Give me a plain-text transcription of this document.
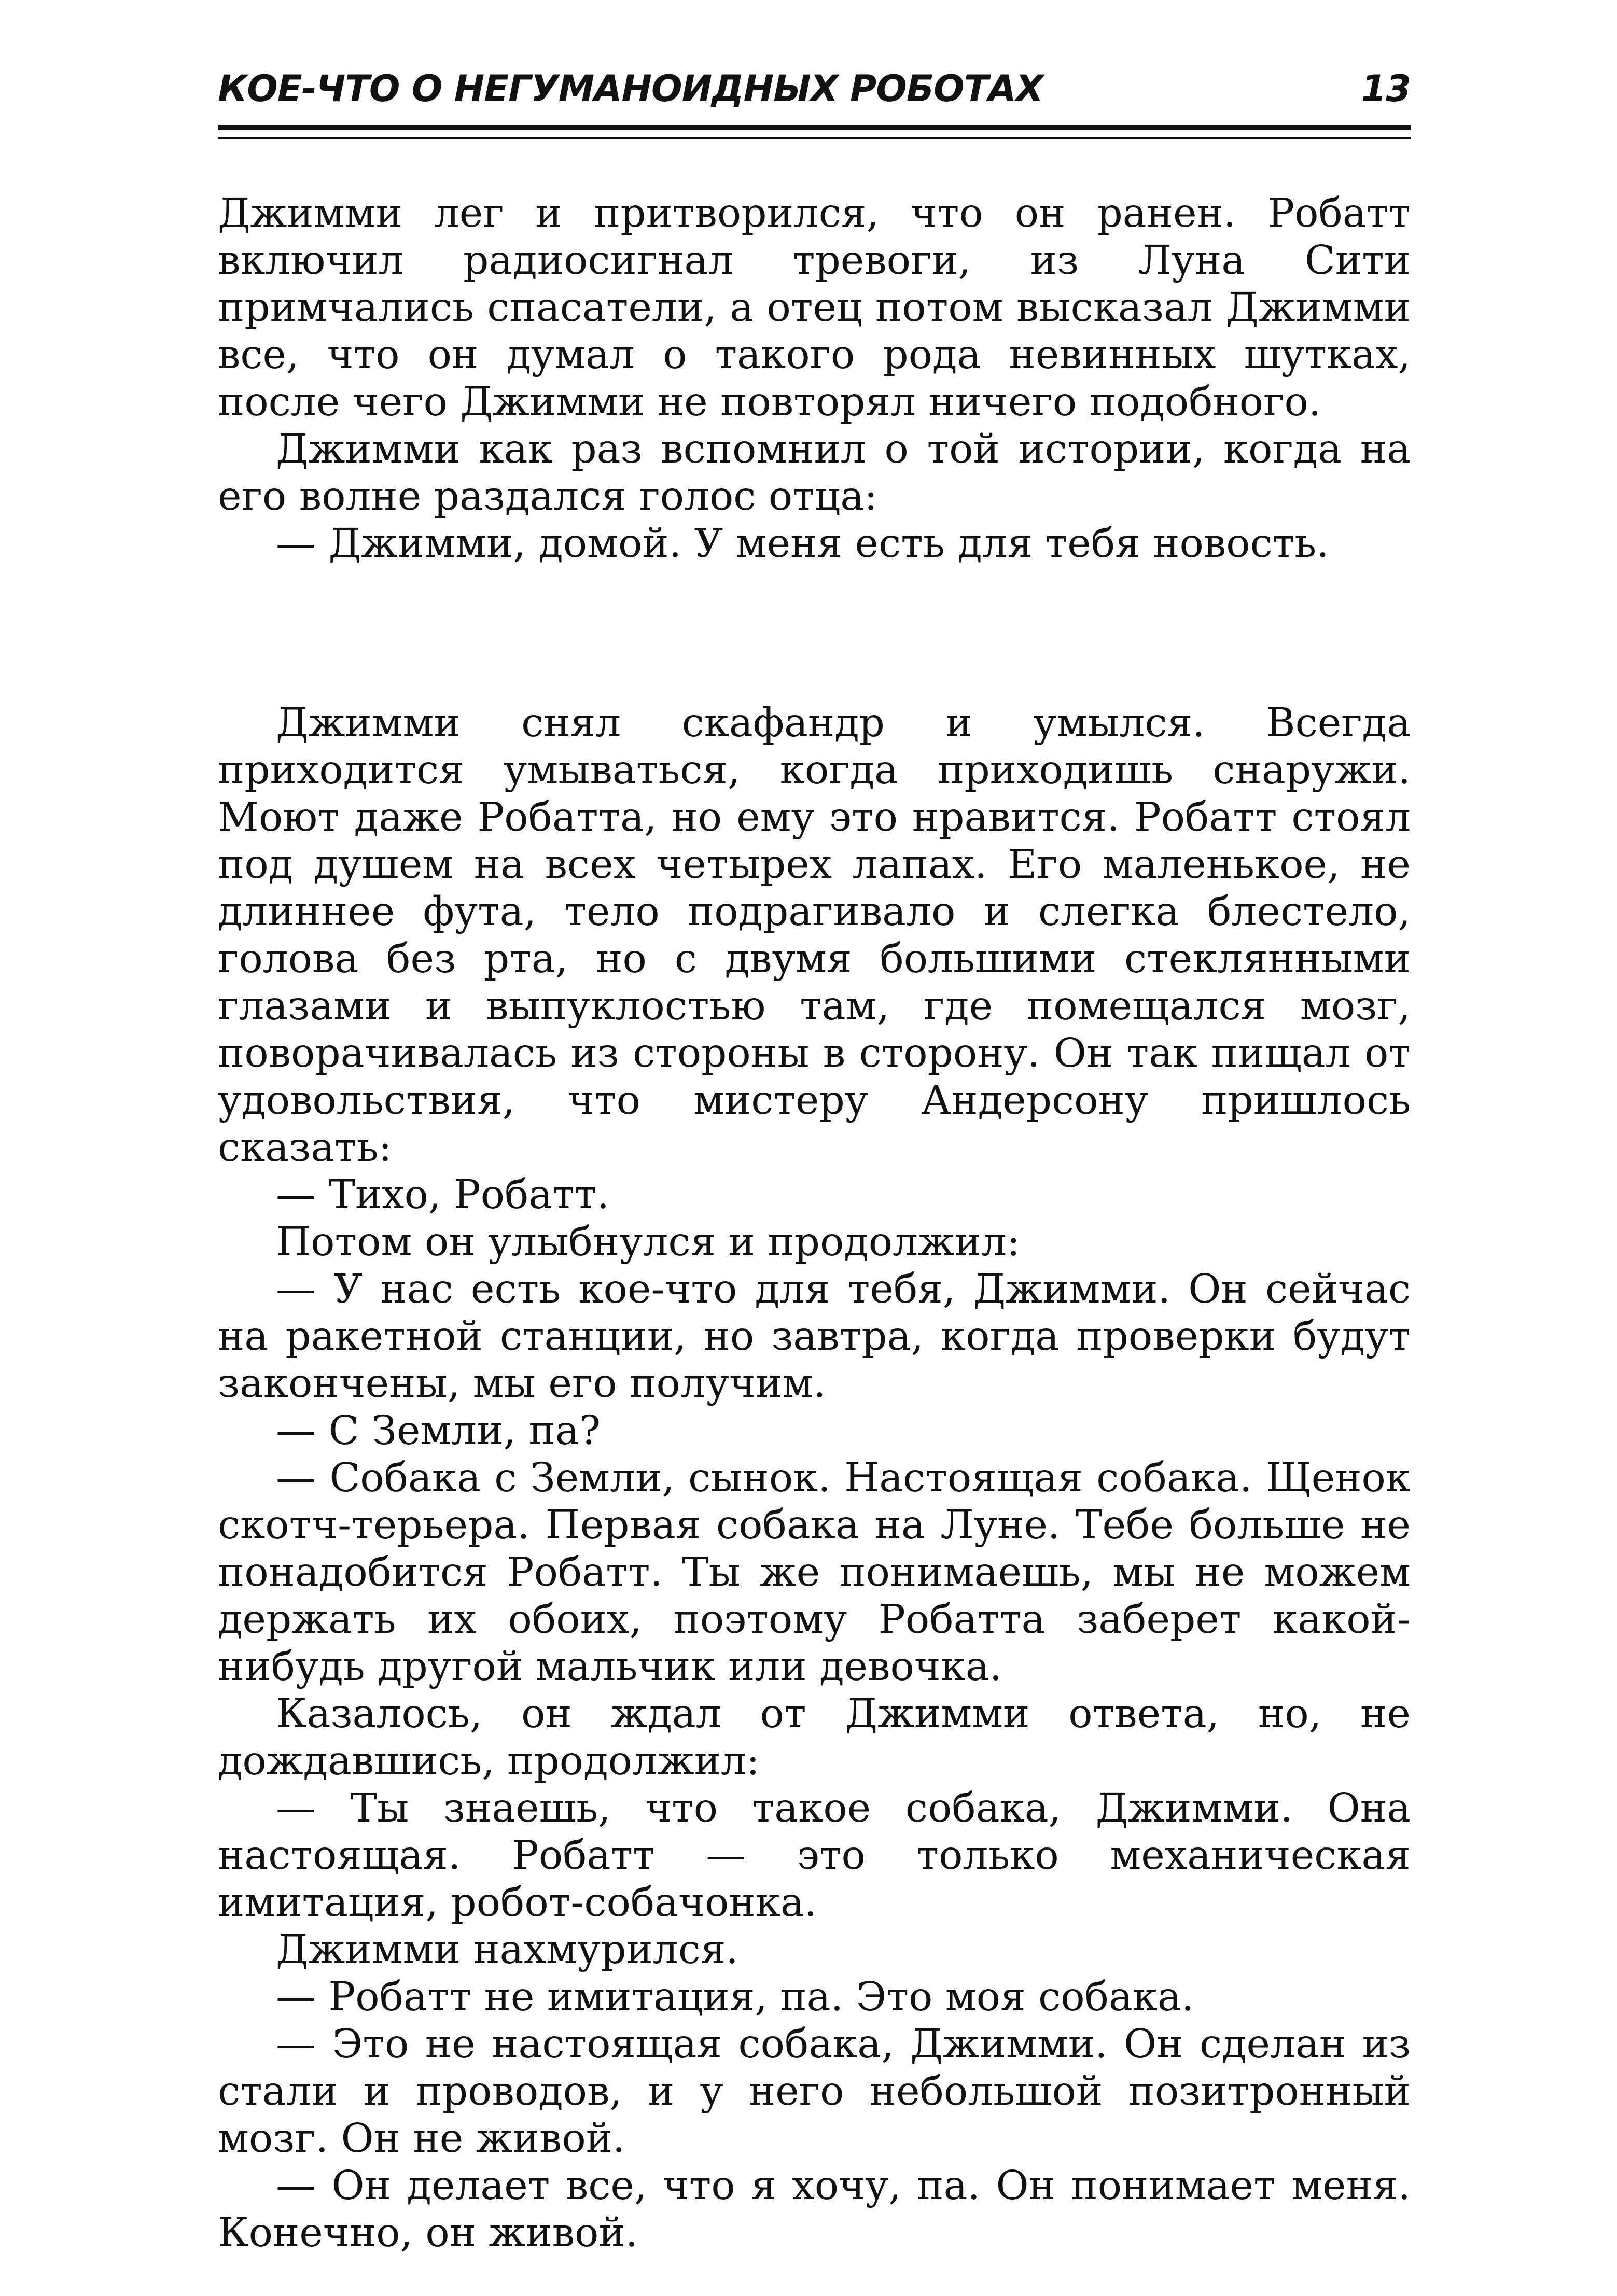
КОЕ-ЧТО О НЕГУМАНОИДНЫХ РОБОТАХ	13

Джимми лег и притворился, что он ранен. Робатт включил радиосигнал тревоги, из Луна Сити примчались спасатели, а отец потом высказал Джимми все, что он думал о такого рода невинных шутках, после чего Джимми не повторял ничего подобного.

Джимми как раз вспомнил о той истории, когда на его волне раздался голос отца:

— Джимми, домой. У меня есть для тебя новость.

Джимми снял скафандр и умылся. Всегда приходится умываться, когда приходишь снаружи. Моют даже Робатта, но ему это нравится. Робатт стоял под душем на всех четырех лапах. Его маленькое, не длиннее фута, тело подрагивало и слегка блестело, голова без рта, но с двумя большими стеклянными глазами и выпуклостью там, где помещался мозг, поворачивалась из стороны в сторону. Он так пищал от удовольствия, что мистеру Андерсону пришлось сказать:

— Тихо, Робатт.

Потом он улыбнулся и продолжил:

— У нас есть кое-что для тебя, Джимми. Он сейчас на ракетной станции, но завтра, когда проверки будут закончены, мы его получим.

— С Земли, па?

— Собака с Земли, сынок. Настоящая собака. Щенок скотч-терьера. Первая собака на Луне. Тебе больше не понадобится Робатт. Ты же понимаешь, мы не можем держать их обоих, поэтому Робатта заберет какой-нибудь другой мальчик или девочка.

Казалось, он ждал от Джимми ответа, но, не дождавшись, продолжил:

— Ты знаешь, что такое собака, Джимми. Она настоящая. Робатт — это только механическая имитация, робот-собачонка.

Джимми нахмурился.

— Робатт не имитация, па. Это моя собака.

— Это не настоящая собака, Джимми. Он сделан из стали и проводов, и у него небольшой позитронный мозг. Он не живой.

— Он делает все, что я хочу, па. Он понимает меня. Конечно, он живой.
